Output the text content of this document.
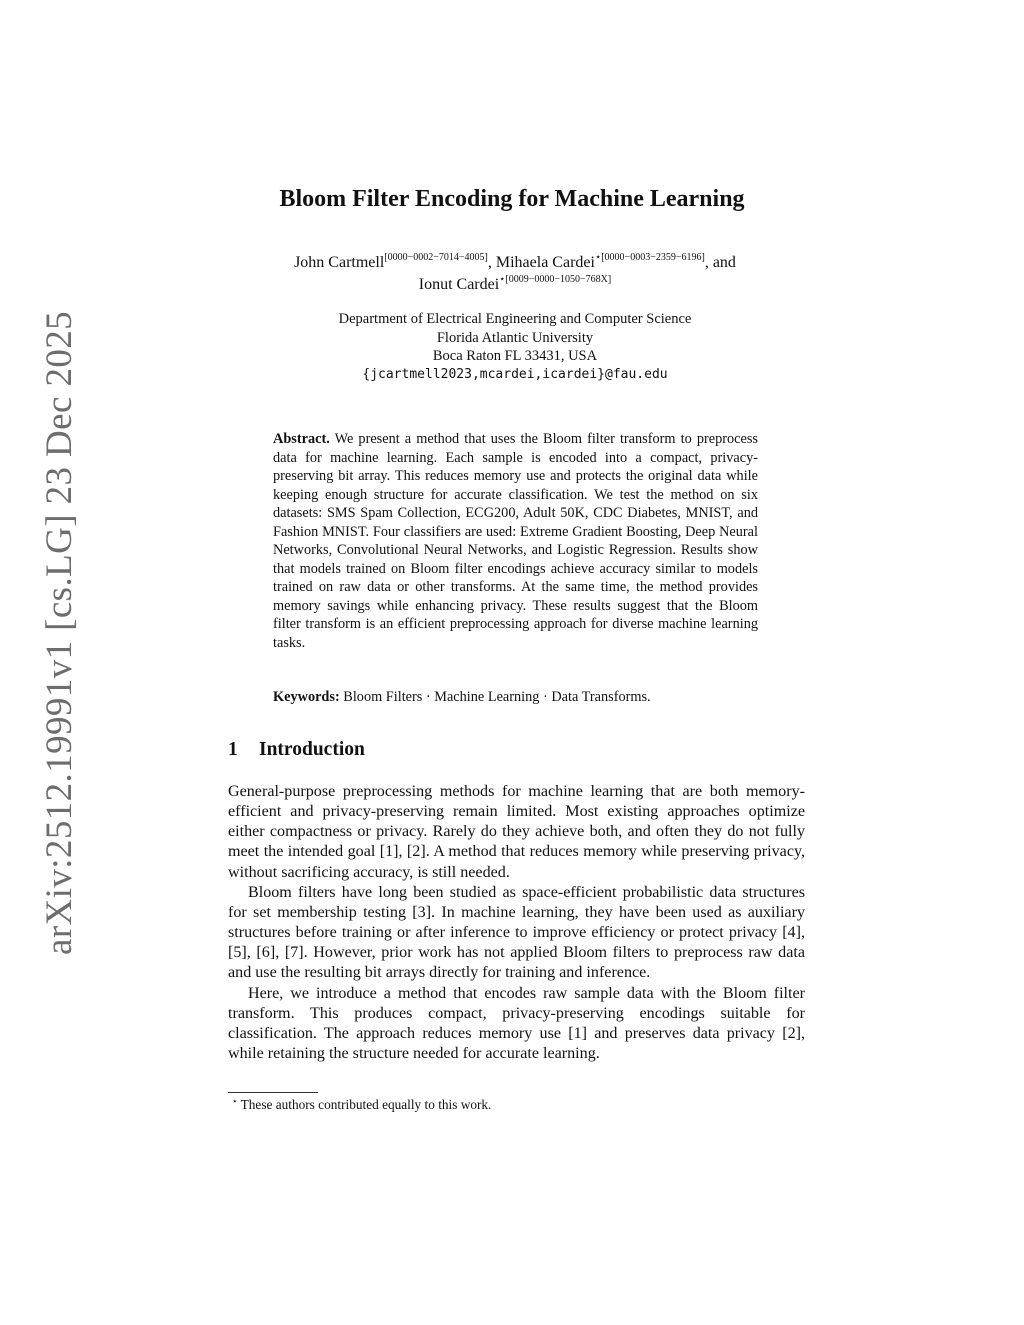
arXiv:2512.19991v1 [cs.LG] 23 Dec 2025
Bloom Filter Encoding for Machine Learning
John Cartmell[0000−0002−7014−4005], Mihaela Cardei$^{⋆[0000-0003-2359-6196]}$, and
Ionut Cardei$^{⋆[0009-0000-1050-768X]}$
Department of Electrical Engineering and Computer Science
Florida Atlantic University
Boca Raton FL 33431, USA
{jcartmell2023,mcardei,icardei}@fau.edu
Abstract. We present a method that uses the Bloom filter transform to preprocess data for machine learning. Each sample is encoded into a compact, privacy-preserving bit array. This reduces memory use and protects the original data while keeping enough structure for accurate classification. We test the method on six datasets: SMS Spam Collection, ECG200, Adult 50K, CDC Diabetes, MNIST, and Fashion MNIST. Four classifiers are used: Extreme Gradient Boosting, Deep Neural Networks, Convolutional Neural Networks, and Logistic Regression. Results show that models trained on Bloom filter encodings achieve accuracy similar to models trained on raw data or other transforms. At the same time, the method provides memory savings while enhancing privacy. These results suggest that the Bloom filter transform is an efficient preprocessing approach for diverse machine learning tasks.
Keywords: Bloom Filters · Machine Learning · Data Transforms.
1 Introduction

General-purpose preprocessing methods for machine learning that are both memory-efficient and privacy-preserving remain limited. Most existing approaches optimize either compactness or privacy. Rarely do they achieve both, and often they do not fully meet the intended goal [1], [2]. A method that reduces memory while preserving privacy, without sacrificing accuracy, is still needed.

Bloom filters have long been studied as space-efficient probabilistic data structures for set membership testing [3]. In machine learning, they have been used as auxiliary structures before training or after inference to improve efficiency or protect privacy [4], [5], [6], [7]. However, prior work has not applied Bloom filters to preprocess raw data and use the resulting bit arrays directly for training and inference.

Here, we introduce a method that encodes raw sample data with the Bloom filter transform. This produces compact, privacy-preserving encodings suitable for classification. The approach reduces memory use [1] and preserves data privacy [2], while retaining the structure needed for accurate learning.

⋆ These authors contributed equally to this work.
